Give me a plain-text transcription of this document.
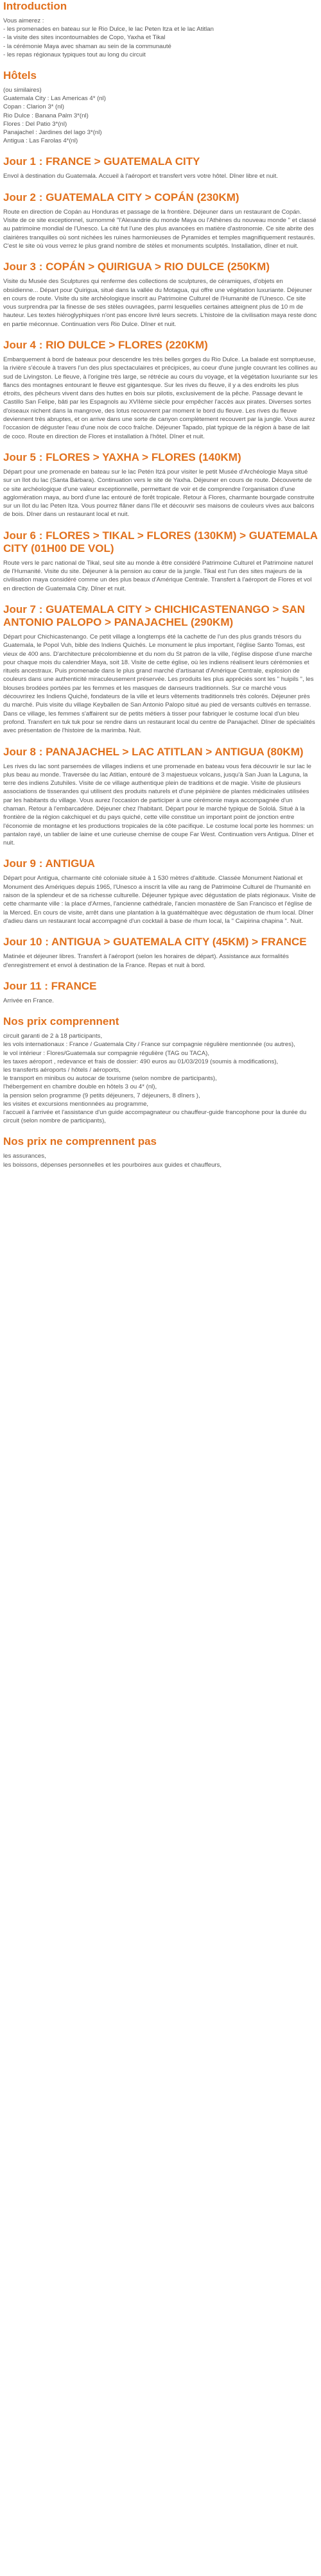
Introduction
Vous aimerez :
- les promenades en bateau sur le Rio Dulce, le lac Peten Itza et le lac Atitlan
- la visite des sites incontournables de Copo, Yaxha et Tikal
- la cérémonie Maya avec shaman au sein de la communauté
- les repas régionaux typiques tout au long du circuit
Hôtels
(ou similaires)
Guatemala City : Las Americas 4* (nl)
Copan : Clarion 3* (nl)
Rio Dulce : Banana Palm 3*(nl)
Flores : Del Patio 3*(nl)
Panajachel : Jardines del lago 3*(nl)
Antigua : Las Farolas 4*(nl)
Jour 1 : FRANCE > GUATEMALA CITY

Envol à destination du Guatemala. Accueil à l'aéroport et transfert vers votre hôtel. Dîner libre et nuit.

Jour 2 : GUATEMALA CITY > COPÁN (230KM)

Route en direction de Copán au Honduras et passage de la frontière. Déjeuner dans un restaurant de Copán. Visite de ce site exceptionnel, surnommé "l'Alexandrie du monde Maya ou l'Athènes du nouveau monde " et classé au patrimoine mondial de l'Unesco. La cité fut l'une des plus avancées en matière d'astronomie. Ce site abrite des clairières tranquilles où sont nichées les ruines harmonieuses de Pyramides et temples magnifiquement restaurés. C'est le site où vous verrez le plus grand nombre de stèles et monuments sculptés. Installation, dîner et nuit.

Jour 3 : COPÁN > QUIRIGUA > RIO DULCE (250KM)

Visite du Musée des Sculptures qui renferme des collections de sculptures, de céramiques, d'objets en obsidienne... Départ pour Quirigua, situé dans la vallée du Motagua, qui offre une végétation luxuriante. Déjeuner en cours de route. Visite du site archéologique inscrit au Patrimoine Culturel de l'Humanité de l'Unesco. Ce site vous surprendra par la finesse de ses stèles ouvragées, parmi lesquelles certaines atteignent plus de 10 m de hauteur. Les textes hiéroglyphiques n'ont pas encore livré leurs secrets. L'histoire de la civilisation maya reste donc en partie méconnue. Continuation vers Rio Dulce. Dîner et nuit.

Jour 4 : RIO DULCE > FLORES (220KM)

Embarquement à bord de bateaux pour descendre les très belles gorges du Rio Dulce. La balade est somptueuse, la rivière s'écoule à travers l'un des plus spectaculaires et précipices, au coeur d'une jungle couvrant les collines au sud de Livingston. Le fleuve, à l'origine très large, se rétrécie au cours du voyage, et la végétation luxuriante sur les flancs des montagnes entourant le fleuve est gigantesque. Sur les rives du fleuve, il y a des endroits les plus étroits, des pêcheurs vivent dans des huttes en bois sur pilotis, exclusivement de la pêche. Passage devant le Castillo San Felipe, bâti par les Espagnols au XVIIème siècle pour empêcher l'accès aux pirates. Diverses sortes d'oiseaux nichent dans la mangrove, des lotus recouvrent par moment le bord du fleuve. Les rives du fleuve deviennent très abruptes, et on arrive dans une sorte de canyon complètement recouvert par la jungle. Vous aurez l'occasion de déguster l'eau d'une noix de coco fraîche. Déjeuner Tapado, plat typique de la région à base de lait de coco. Route en direction de Flores et installation à l'hôtel. Dîner et nuit.

Jour 5 : FLORES > YAXHA > FLORES (140KM)

Départ pour une promenade en bateau sur le lac Petén Itzá pour visiter le petit Musée d'Archéologie Maya situé sur un îlot du lac (Santa Bárbara). Continuation vers le site de Yaxha. Déjeuner en cours de route. Découverte de ce site archéologique d'une valeur exceptionnelle, permettant de voir et de comprendre l'organisation d'une agglomération maya, au bord d'une lac entouré de forêt tropicale. Retour à Flores, charmante bourgade construite sur un îlot du lac Peten Itza. Vous pourrez flâner dans l'île et découvrir ses maisons de couleurs vives aux balcons de bois. Dîner dans un restaurant local et nuit.

Jour 6 : FLORES > TIKAL > FLORES (130KM) > GUATEMALA CITY (01H00 DE VOL)

Route vers le parc national de Tikal, seul site au monde à être considéré Patrimoine Culturel et Patrimoine naturel de l'Humanité. Visite du site. Déjeuner à la pension au cœur de la jungle. Tikal est l'un des sites majeurs de la civilisation maya considéré comme un des plus beaux d'Amérique Centrale. Transfert à l'aéroport de Flores et vol en direction de Guatemala City. Dîner et nuit.

Jour 7 : GUATEMALA CITY > CHICHICASTENANGO > SAN ANTONIO PALOPO > PANAJACHEL (290KM)

Départ pour Chichicastenango. Ce petit village a longtemps été la cachette de l'un des plus grands trésors du Guatemala, le Popol Vuh, bible des Indiens Quichés. Le monument le plus important, l'église Santo Tomas, est vieux de 400 ans. D'architecture précolombienne et du nom du St patron de la ville, l'église dispose d'une marche pour chaque mois du calendrier Maya, soit 18. Visite de cette église, où les indiens réalisent leurs cérémonies et rituels ancestraux. Puis promenade dans le plus grand marché d'artisanat d'Amérique Centrale, explosion de couleurs dans une authenticité miraculeusement préservée. Les produits les plus appréciés sont les " huipils ", les blouses brodées portées par les femmes et les masques de danseurs traditionnels. Sur ce marché vous découvrirez les Indiens Quiché, fondateurs de la ville et leurs vêtements traditionnels très colorés. Déjeuner près du marché. Puis visite du village Keyballen de San Antonio Palopo situé au pied de versants cultivés en terrasse. Dans ce village, les femmes s'affairent sur de petits métiers à tisser pour fabriquer le costume local d'un bleu profond. Transfert en tuk tuk pour se rendre dans un restaurant local du centre de Panajachel. Dîner de spécialités avec présentation de l'histoire de la marimba. Nuit.

Jour 8 : PANAJACHEL > LAC ATITLAN > ANTIGUA (80KM)

Les rives du lac sont parsemées de villages indiens et une promenade en bateau vous fera découvrir le sur lac le plus beau au monde. Traversée du lac Atitlan, entouré de 3 majestueux volcans, jusqu'à San Juan la Laguna, la terre des indiens Zutuhiles. Visite de ce village authentique plein de traditions et de magie. Visite de plusieurs associations de tisserandes qui utilisent des produits naturels et d'une pépinière de plantes médicinales utilisées par les habitants du village. Vous aurez l'occasion de participer à une cérémonie maya accompagnée d'un chaman. Retour à l'embarcadère. Déjeuner chez l'habitant. Départ pour le marché typique de Sololá. Situé à la frontière de la région cakchiquel et du pays quiché, cette ville constitue un important point de jonction entre l'économie de montagne et les productions tropicales de la côte pacifique. Le costume local porte les hommes: un pantalon rayé, un tablier de laine et une curieuse chemise de coupe Far West. Continuation vers Antigua. Dîner et nuit.

Jour 9 : ANTIGUA

Départ pour Antigua, charmante cité coloniale située à 1 530 mètres d'altitude. Classée Monument National et Monument des Amériques depuis 1965, l'Unesco a inscrit la ville au rang de Patrimoine Culturel de l'humanité en raison de la splendeur et de sa richesse culturelle. Déjeuner typique avec dégustation de plats régionaux. Visite de cette charmante ville : la place d'Armes, l'ancienne cathédrale, l'ancien monastère de San Francisco et l'église de la Merced. En cours de visite, arrêt dans une plantation à la guatémaltèque avec dégustation de rhum local. Dîner d'adieu dans un restaurant local accompagné d'un cocktail à base de rhum local, la " Caipirina chapina ". Nuit.

Jour 10 : ANTIGUA > GUATEMALA CITY (45KM) > FRANCE

Matinée et déjeuner libres. Transfert à l'aéroport (selon les horaires de départ). Assistance aux formalités d'enregistrement et envol à destination de la France. Repas et nuit à bord.

Jour 11 : FRANCE

Arrivée en France.

Nos prix comprennent
circuit garanti de 2 à 18 participants,
les vols internationaux : France / Guatemala City / France sur compagnie régulière mentionnée (ou autres),
le vol intérieur : Flores/Guatemala sur compagnie régulière (TAG ou TACA),
les taxes aéroport , redevance et frais de dossier: 490 euros au 01/03/2019 (soumis à modifications),
les transferts aéroports / hôtels / aéroports,
le transport en minibus ou autocar de tourisme (selon nombre de participants),
l'hébergement en chambre double en hôtels 3 ou 4* (nl),
la pension selon programme (9 petits déjeuners, 7 déjeuners, 8 dîners ),
les visites et excursions mentionnées au programme,
l'accueil à l'arrivée et l'assistance d'un guide accompagnateur ou chauffeur-guide francophone pour la durée du circuit (selon nombre de participants),
Nos prix ne comprennent pas
les assurances,
les boissons, dépenses personnelles et les pourboires aux guides et chauffeurs,
